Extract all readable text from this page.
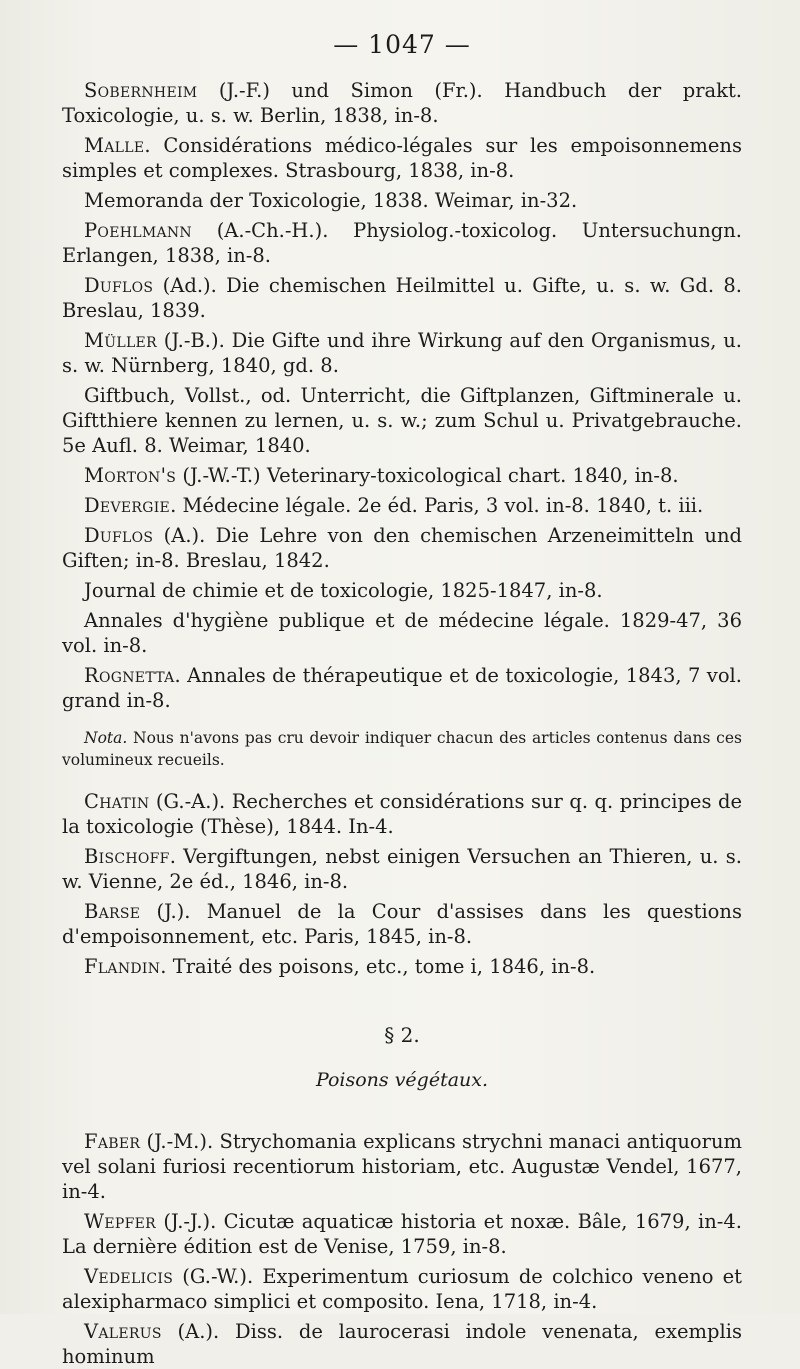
— 1047 —

Sobernheim (J.-F.) und Simon (Fr.). Handbuch der prakt. Toxicologie, u. s. w. Berlin, 1838, in-8.

Malle. Considérations médico-légales sur les empoisonnemens simples et complexes. Strasbourg, 1838, in-8.

Memoranda der Toxicologie, 1838. Weimar, in-32.

Poehlmann (A.-Ch.-H.). Physiolog.-toxicolog. Untersuchungn. Erlangen, 1838, in-8.

Duflos (Ad.). Die chemischen Heilmittel u. Gifte, u. s. w. Gd. 8. Breslau, 1839.

Müller (J.-B.). Die Gifte und ihre Wirkung auf den Organismus, u. s. w. Nürnberg, 1840, gd. 8.

Giftbuch, Vollst., od. Unterricht, die Giftplanzen, Giftminerale u. Giftthiere kennen zu lernen, u. s. w.; zum Schul u. Privatgebrauche. 5e Aufl. 8. Weimar, 1840.

Morton's (J.-W.-T.) Veterinary-toxicological chart. 1840, in-8.

Devergie. Médecine légale. 2e éd. Paris, 3 vol. in-8. 1840, t. iii.

Duflos (A.). Die Lehre von den chemischen Arzeneimitteln und Giften; in-8. Breslau, 1842.

Journal de chimie et de toxicologie, 1825-1847, in-8.

Annales d'hygiène publique et de médecine légale. 1829-47, 36 vol. in-8.

Rognetta. Annales de thérapeutique et de toxicologie, 1843, 7 vol. grand in-8.

Nota. Nous n'avons pas cru devoir indiquer chacun des articles contenus dans ces volumineux recueils.

Chatin (G.-A.). Recherches et considérations sur q. q. principes de la toxicologie (Thèse), 1844. In-4.

Bischoff. Vergiftungen, nebst einigen Versuchen an Thieren, u. s. w. Vienne, 2e éd., 1846, in-8.

Barse (J.). Manuel de la Cour d'assises dans les questions d'empoisonnement, etc. Paris, 1845, in-8.

Flandin. Traité des poisons, etc., tome i, 1846, in-8.

§ 2.
Poisons végétaux.

Faber (J.-M.). Strychomania explicans strychni manaci antiquorum vel solani furiosi recentiorum historiam, etc. Augustæ Vendel, 1677, in-4.

Wepfer (J.-J.). Cicutæ aquaticæ historia et noxæ. Bâle, 1679, in-4. La dernière édition est de Venise, 1759, in-8.

Vedelicis (G.-W.). Experimentum curiosum de colchico veneno et alexipharmaco simplici et composito. Iena, 1718, in-4.

Valerus (A.). Diss. de laurocerasi indole venenata, exemplis hominum
